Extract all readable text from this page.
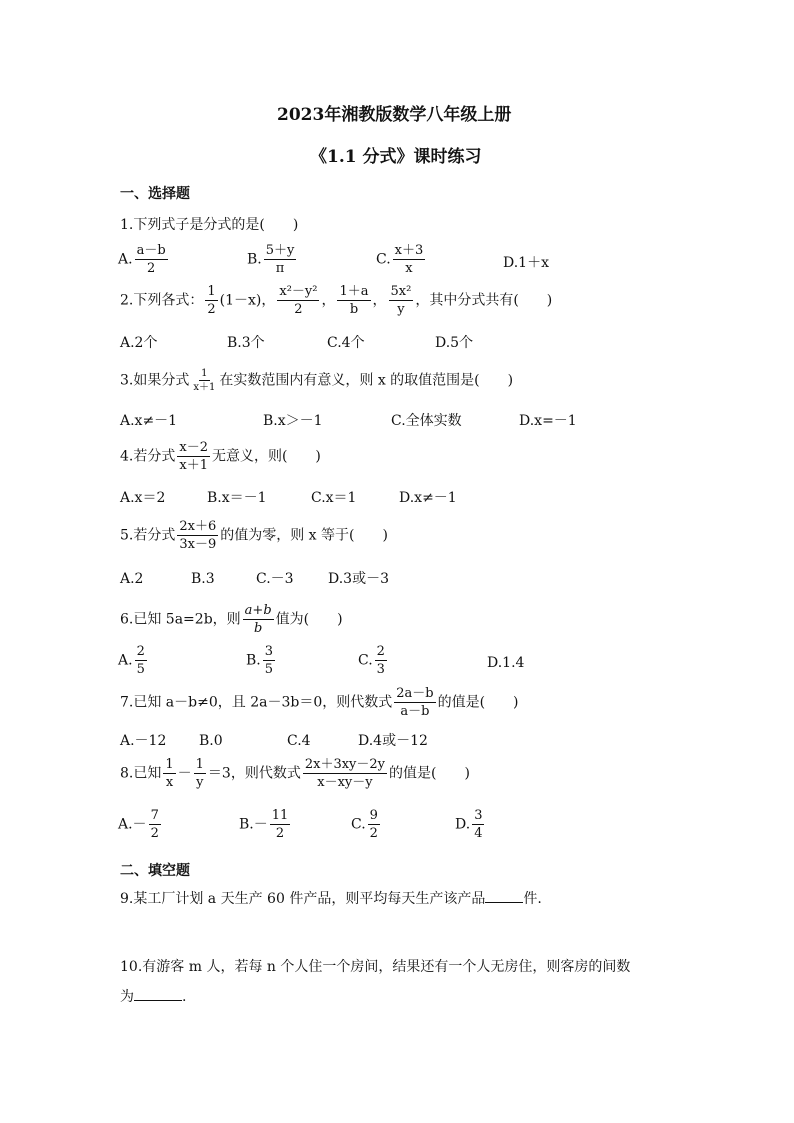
2023年湘教版数学八年级上册
《1.1 分式》课时练习
一、选择题
1.下列式子是分式的是(　　)
A. $\frac{a-b}{2}$	B. $\frac{5+y}{\pi}$	C. $\frac{x+3}{x}$	D.1＋x
2.下列各式： $\frac{1}{2} (1-x)$， $\frac{\text{x²－y²}}{2}$ ， $\frac{1+a}{b}$ ， $\frac{\text{5x²}}{y}$ ，其中分式共有(　　)
A.2个	B.3个	C.4个	D.5个
3.如果分式 $\frac{1}{x+1}$ 在实数范围内有意义，则 x 的取值范围是(　　)
A.x≠－1	B.x＞－1	C.全体实数	D.x=－1
4.若分式 $\frac{x-2}{x+1}$ 无意义，则(　　)
A.x＝2	B.x＝－1	C.x＝1	D.x≠－1
5.若分式 $\frac{2x+6}{3x-9}$ 的值为零，则 x 等于(　　)
A.2	B.3	C.－3 D.3或－3
6.已知 5a=2b，则 $\frac{a+b}{b}$ 值为(　　)
A. $\frac{2}{5}$	B. $\frac{3}{5}$	C. $\frac{2}{3}$	D.1.4
7.已知 a－b≠0，且 2a－3b＝0，则代数式 $\frac{2a-b}{a-b}$ 的值是(　　)
A.－12 B.0	C.4	D.4或－12
8.已知 $\frac{1}{x} - \frac{1}{y} =3$，则代数式 $\frac{2x+3xy-2y}{x-xy-y}$ 的值是(　　)
$A.- \frac{7}{2}$	$B.- \frac{11}{2}$	C. $\frac{9}{2}$	D. $\frac{3}{4}$
二、填空题
9.某工厂计划 a 天生产 60 件产品，则平均每天生产该产品	件.
10.有游客 m 人，若每 n 个人住一个房间，结果还有一个人无房住，则客房的间数
为	.
